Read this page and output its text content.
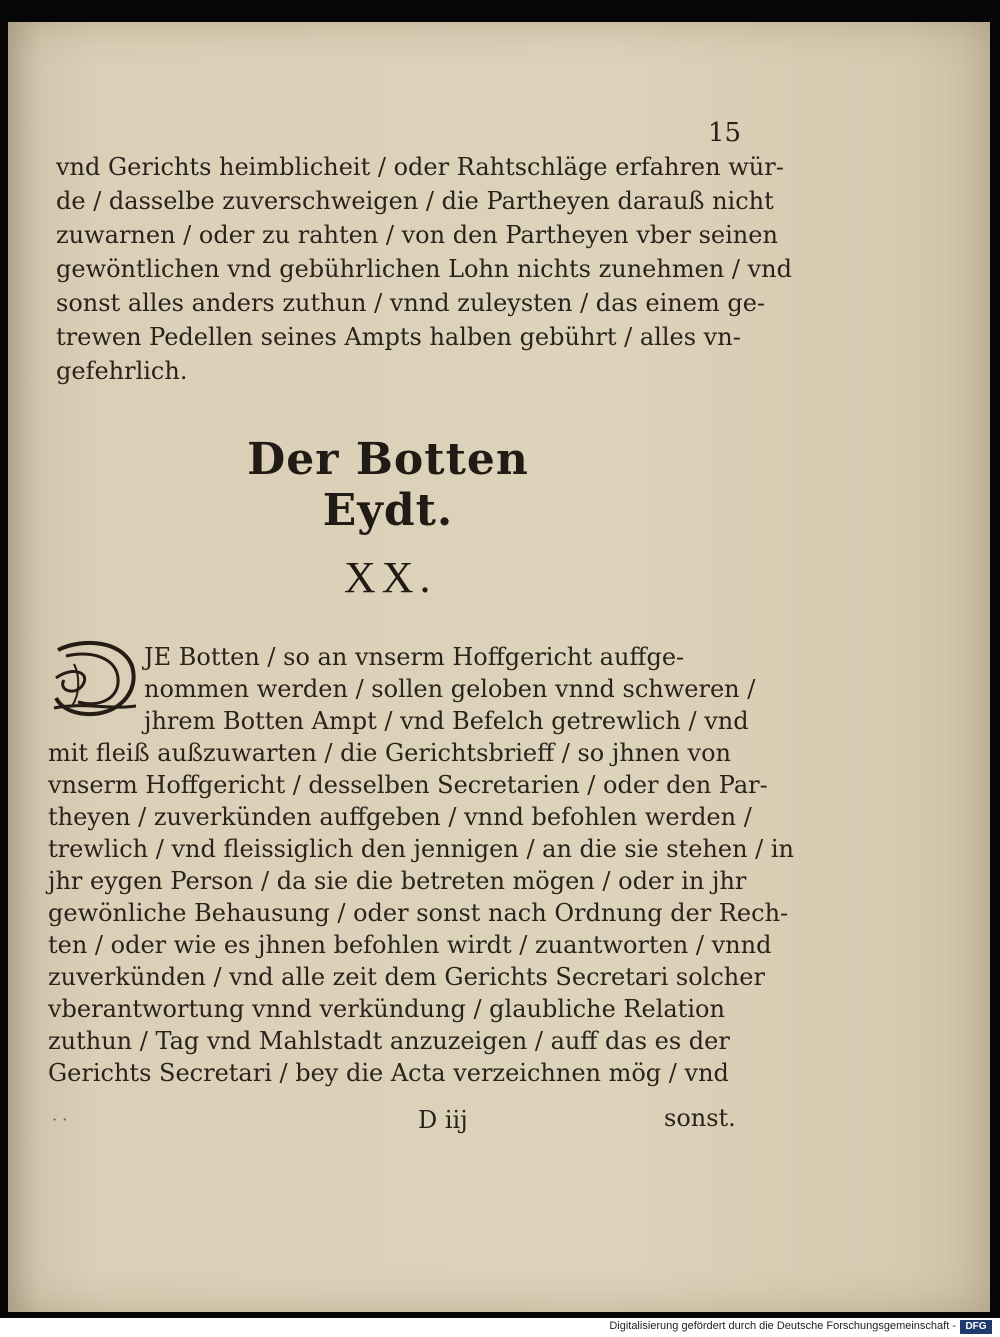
15
vnd Gerichts heimblicheit / oder Rahtschläge erfahren wür-
de / dasselbe zuverschweigen / die Partheyen darauß nicht
zuwarnen / oder zu rahten / von den Partheyen vber seinen
gewöntlichen vnd gebührlichen Lohn nichts zunehmen / vnd
sonst alles anders zuthun / vnnd zuleysten / das einem ge-
trewen Pedellen seines Ampts halben gebührt / alles vn-
gefehrlich.
Der Botten Eydt.
XX.
JE Botten / so an vnserm Hoffgericht auffge-
nommen werden / sollen geloben vnnd schweren /
jhrem Botten Ampt / vnd Befelch getrewlich / vnd
mit fleiß außzuwarten / die Gerichtsbrieff / so jhnen von
vnserm Hoffgericht / desselben Secretarien / oder den Par-
theyen / zuverkünden auffgeben / vnnd befohlen werden /
trewlich / vnd fleissiglich den jennigen / an die sie stehen / in
jhr eygen Person / da sie die betreten mögen / oder in jhr
gewönliche Behausung / oder sonst nach Ordnung der Rech-
ten / oder wie es jhnen befohlen wirdt / zuantworten / vnnd
zuverkünden / vnd alle zeit dem Gerichts Secretari solcher
vberantwortung vnnd verkündung / glaubliche Relation
zuthun / Tag vnd Mahlstadt anzuzeigen / auff das es der
Gerichts Secretari / bey die Acta verzeichnen mög / vnd
· ·	D iij	sonst.
Digitalisierung gefördert durch die Deutsche Forschungsgemeinschaft - DFG
